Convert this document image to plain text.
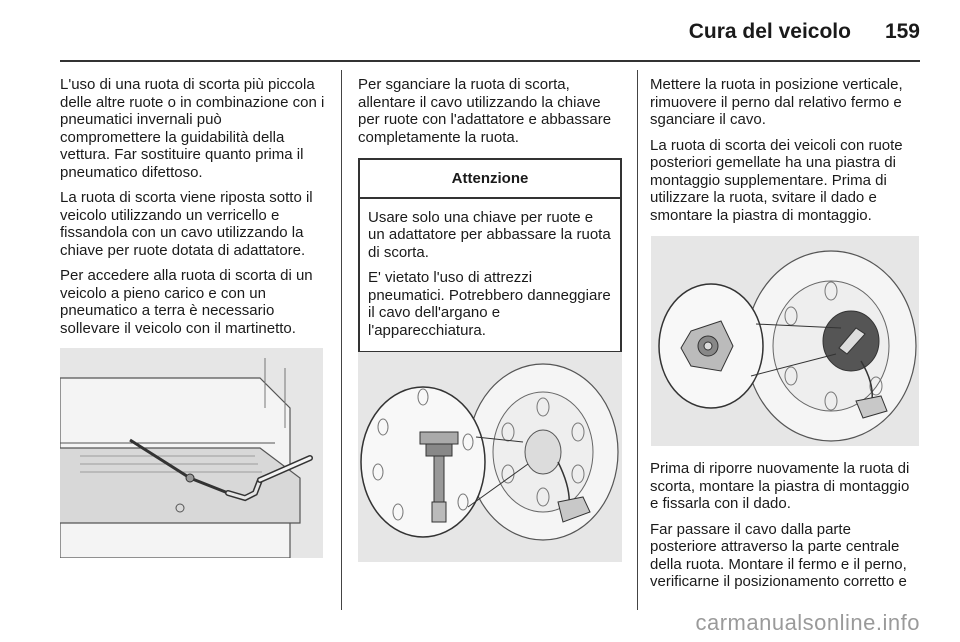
Cura del veicolo 159

L'uso di una ruota di scorta più piccola delle altre ruote o in combinazione con i pneumatici invernali può compromettere la guidabilità della vettura. Far sostituire quanto prima il pneumatico difettoso.

La ruota di scorta viene riposta sotto il veicolo utilizzando un verricello e fissandola con un cavo utilizzando la chiave per ruote dotata di adattatore.

Per accedere alla ruota di scorta di un veicolo a pieno carico e con un pneumatico a terra è necessario sollevare il veicolo con il martinetto.

Per sganciare la ruota di scorta, allentare il cavo utilizzando la chiave per ruote con l'adattatore e abbassare completamente la ruota.

Attenzione

Usare solo una chiave per ruote e un adattatore per abbassare la ruota di scorta.

E' vietato l'uso di attrezzi pneumatici. Potrebbero danneggiare il cavo dell'argano e l'apparecchiatura.

Mettere la ruota in posizione verticale, rimuovere il perno dal relativo fermo e sganciare il cavo.

La ruota di scorta dei veicoli con ruote posteriori gemellate ha una piastra di montaggio supplementare. Prima di utilizzare la ruota, svitare il dado e smontare la piastra di montaggio.

Prima di riporre nuovamente la ruota di scorta, montare la piastra di montaggio e fissarla con il dado.

Far passare il cavo dalla parte posteriore attraverso la parte centrale della ruota. Montare il fermo e il perno, verificarne il posizionamento corretto e

carmanualsonline.info
